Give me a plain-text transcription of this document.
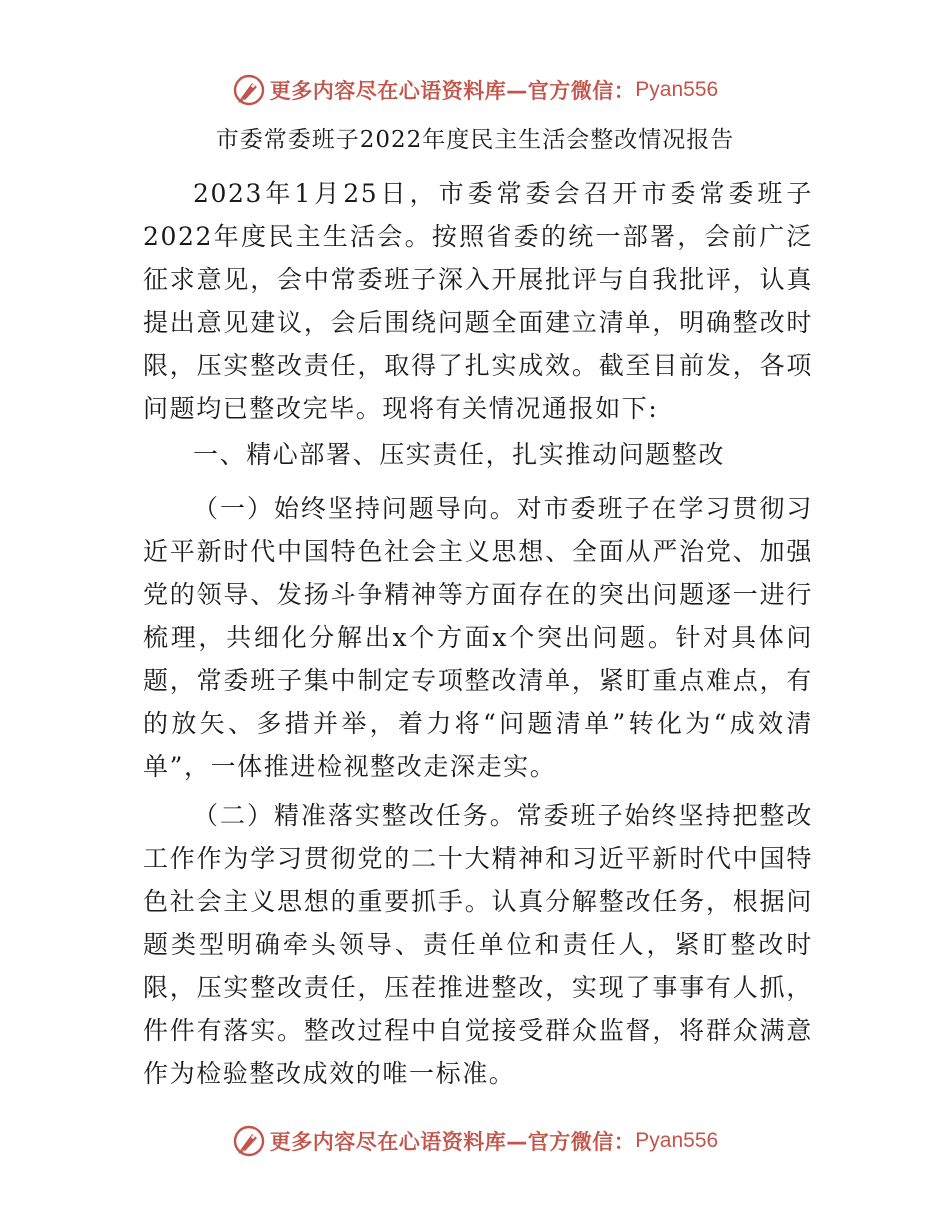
更多内容尽在心语资料库—官方微信： Pyan556
市委常委班子2022年度民主生活会整改情况报告

2023年1月25日，市委常委会召开市委常委班子2022年度民主生活会。按照省委的统一部署，会前广泛征求意见，会中常委班子深入开展批评与自我批评，认真提出意见建议，会后围绕问题全面建立清单，明确整改时限，压实整改责任，取得了扎实成效。截至目前发，各项问题均已整改完毕。现将有关情况通报如下:

一、精心部署、压实责任，扎实推动问题整改

（一）始终坚持问题导向。对市委班子在学习贯彻习近平新时代中国特色社会主义思想、全面从严治党、加强党的领导、发扬斗争精神等方面存在的突出问题逐一进行梳理，共细化分解出x个方面x个突出问题。针对具体问题，常委班子集中制定专项整改清单，紧盯重点难点，有的放矢、多措并举，着力将“问题清单”转化为“成效清单”，一体推进检视整改走深走实。

（二）精准落实整改任务。常委班子始终坚持把整改工作作为学习贯彻党的二十大精神和习近平新时代中国特色社会主义思想的重要抓手。认真分解整改任务，根据问题类型明确牵头领导、责任单位和责任人，紧盯整改时限，压实整改责任，压茬推进整改，实现了事事有人抓，件件有落实。整改过程中自觉接受群众监督，将群众满意作为检验整改成效的唯一标准。

更多内容尽在心语资料库—官方微信： Pyan556
